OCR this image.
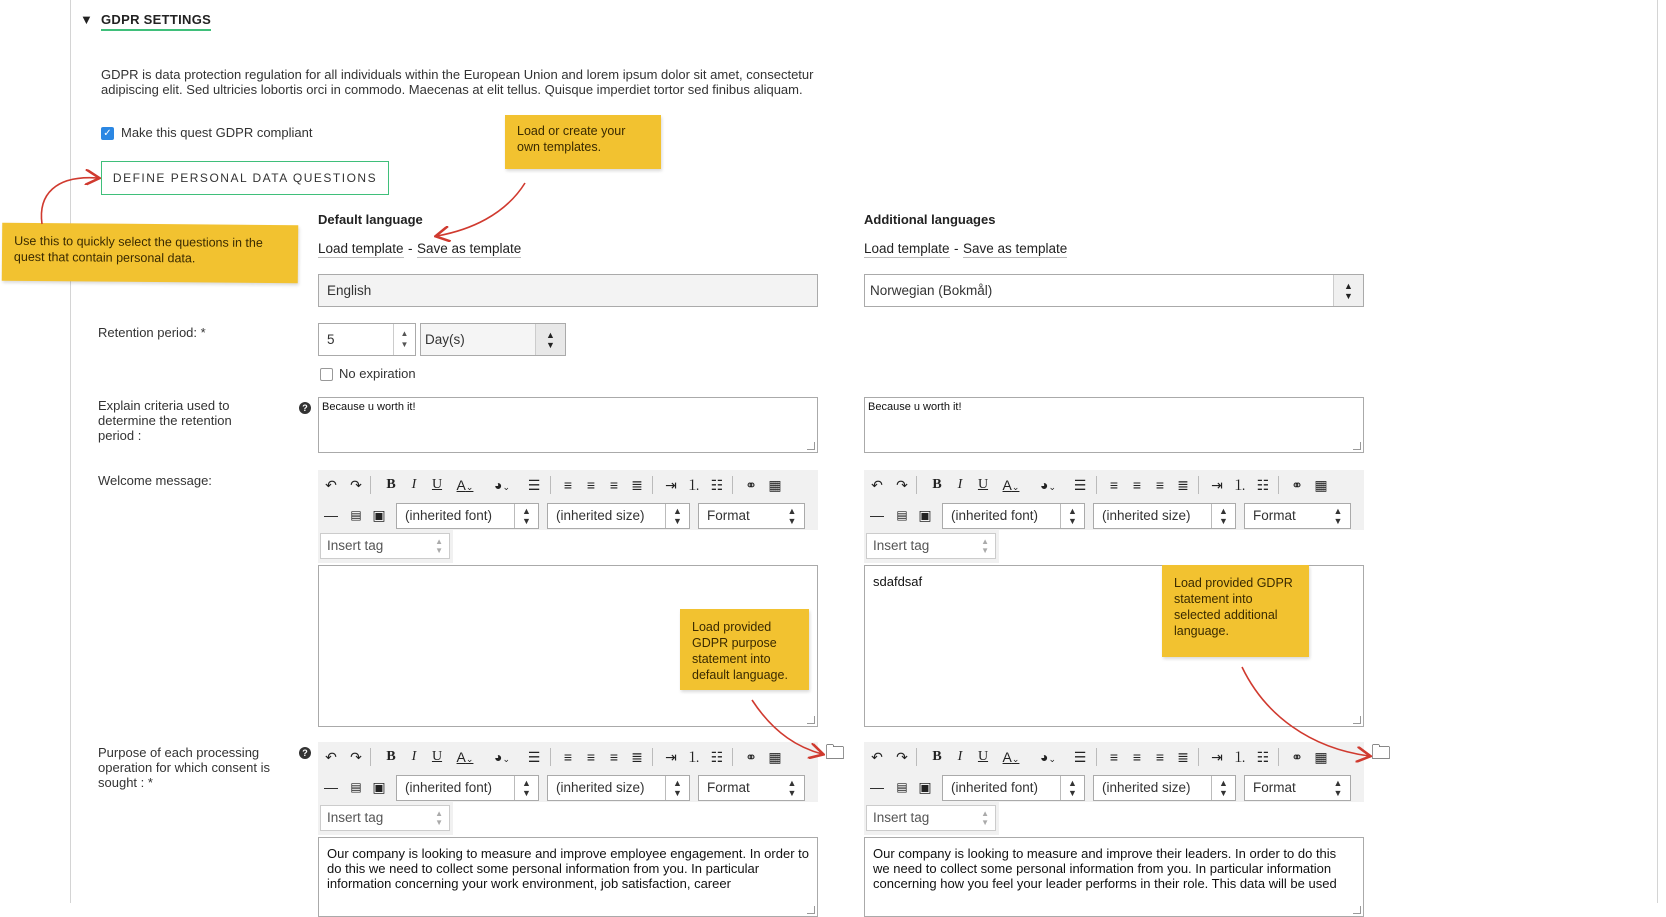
▼ GDPR SETTINGS
GDPR is data protection regulation for all individuals within the European Union and lorem ipsum dolor sit amet, consectetur adipiscing elit. Sed ultricies lobortis orci in commodo. Maecenas at elit tellus. Quisque imperdiet tortor sed finibus aliquam.
✓ Make this quest GDPR compliant
DEFINE PERSONAL DATA QUESTIONS
Default language
Load template - Save as template
Additional languages
Load template - Save as template
English	Norwegian (Bokmål)	▲
▼
Retention period: *	5	▲
▼	Day(s)	▲
▼
No expiration
Explain criteria used to determine the retention period :
?	Because u worth it!	Because u worth it!
Welcome message:
Purpose of each processing operation for which consent is sought : *
?
↶ ↷	B	I	U	A⌄	◕⌄	☰	≡	≡	≡ ≣ ⇥ ⒈ ☷ ⚭ ▦
—	▤ ▣	(inherited font)	▲
▼	(inherited size)	▲
▼	Format	▲
▼
Insert tag	▲
▼
↶ ↷	B	I	U	A⌄	◕⌄	☰	≡	≡	≡ ≣ ⇥ ⒈ ☷ ⚭ ▦
—	▤ ▣	(inherited font)	▲
▼	(inherited size)	▲
▼	Format	▲
▼
Insert tag	▲
▼
sdafdsaf
↶ ↷	B	I	U	A⌄	◕⌄	☰	≡	≡	≡ ≣ ⇥ ⒈ ☷ ⚭ ▦
—	▤ ▣	(inherited font)	▲
▼	(inherited size)	▲
▼	Format	▲
▼
Insert tag	▲
▼
Our company is looking to measure and improve employee engagement. In order to do this we need to collect some personal information from you. In particular information concerning your work environment, job satisfaction, career
↶ ↷	B	I	U	A⌄	◕⌄	☰	≡	≡	≡ ≣ ⇥ ⒈ ☷ ⚭ ▦
—	▤ ▣	(inherited font)	▲
▼	(inherited size)	▲
▼	Format	▲
▼
Insert tag	▲
▼
Our company is looking to measure and improve their leaders. In order to do this we need to collect some personal information from you. In particular information concerning how you feel your leader performs in their role. This data will be used
🗀	🗀
Load or create your own templates.
Use this to quickly select the questions in the quest that contain personal data.
Load provided GDPR purpose statement into default language.
Load provided GDPR statement into selected additional language.
